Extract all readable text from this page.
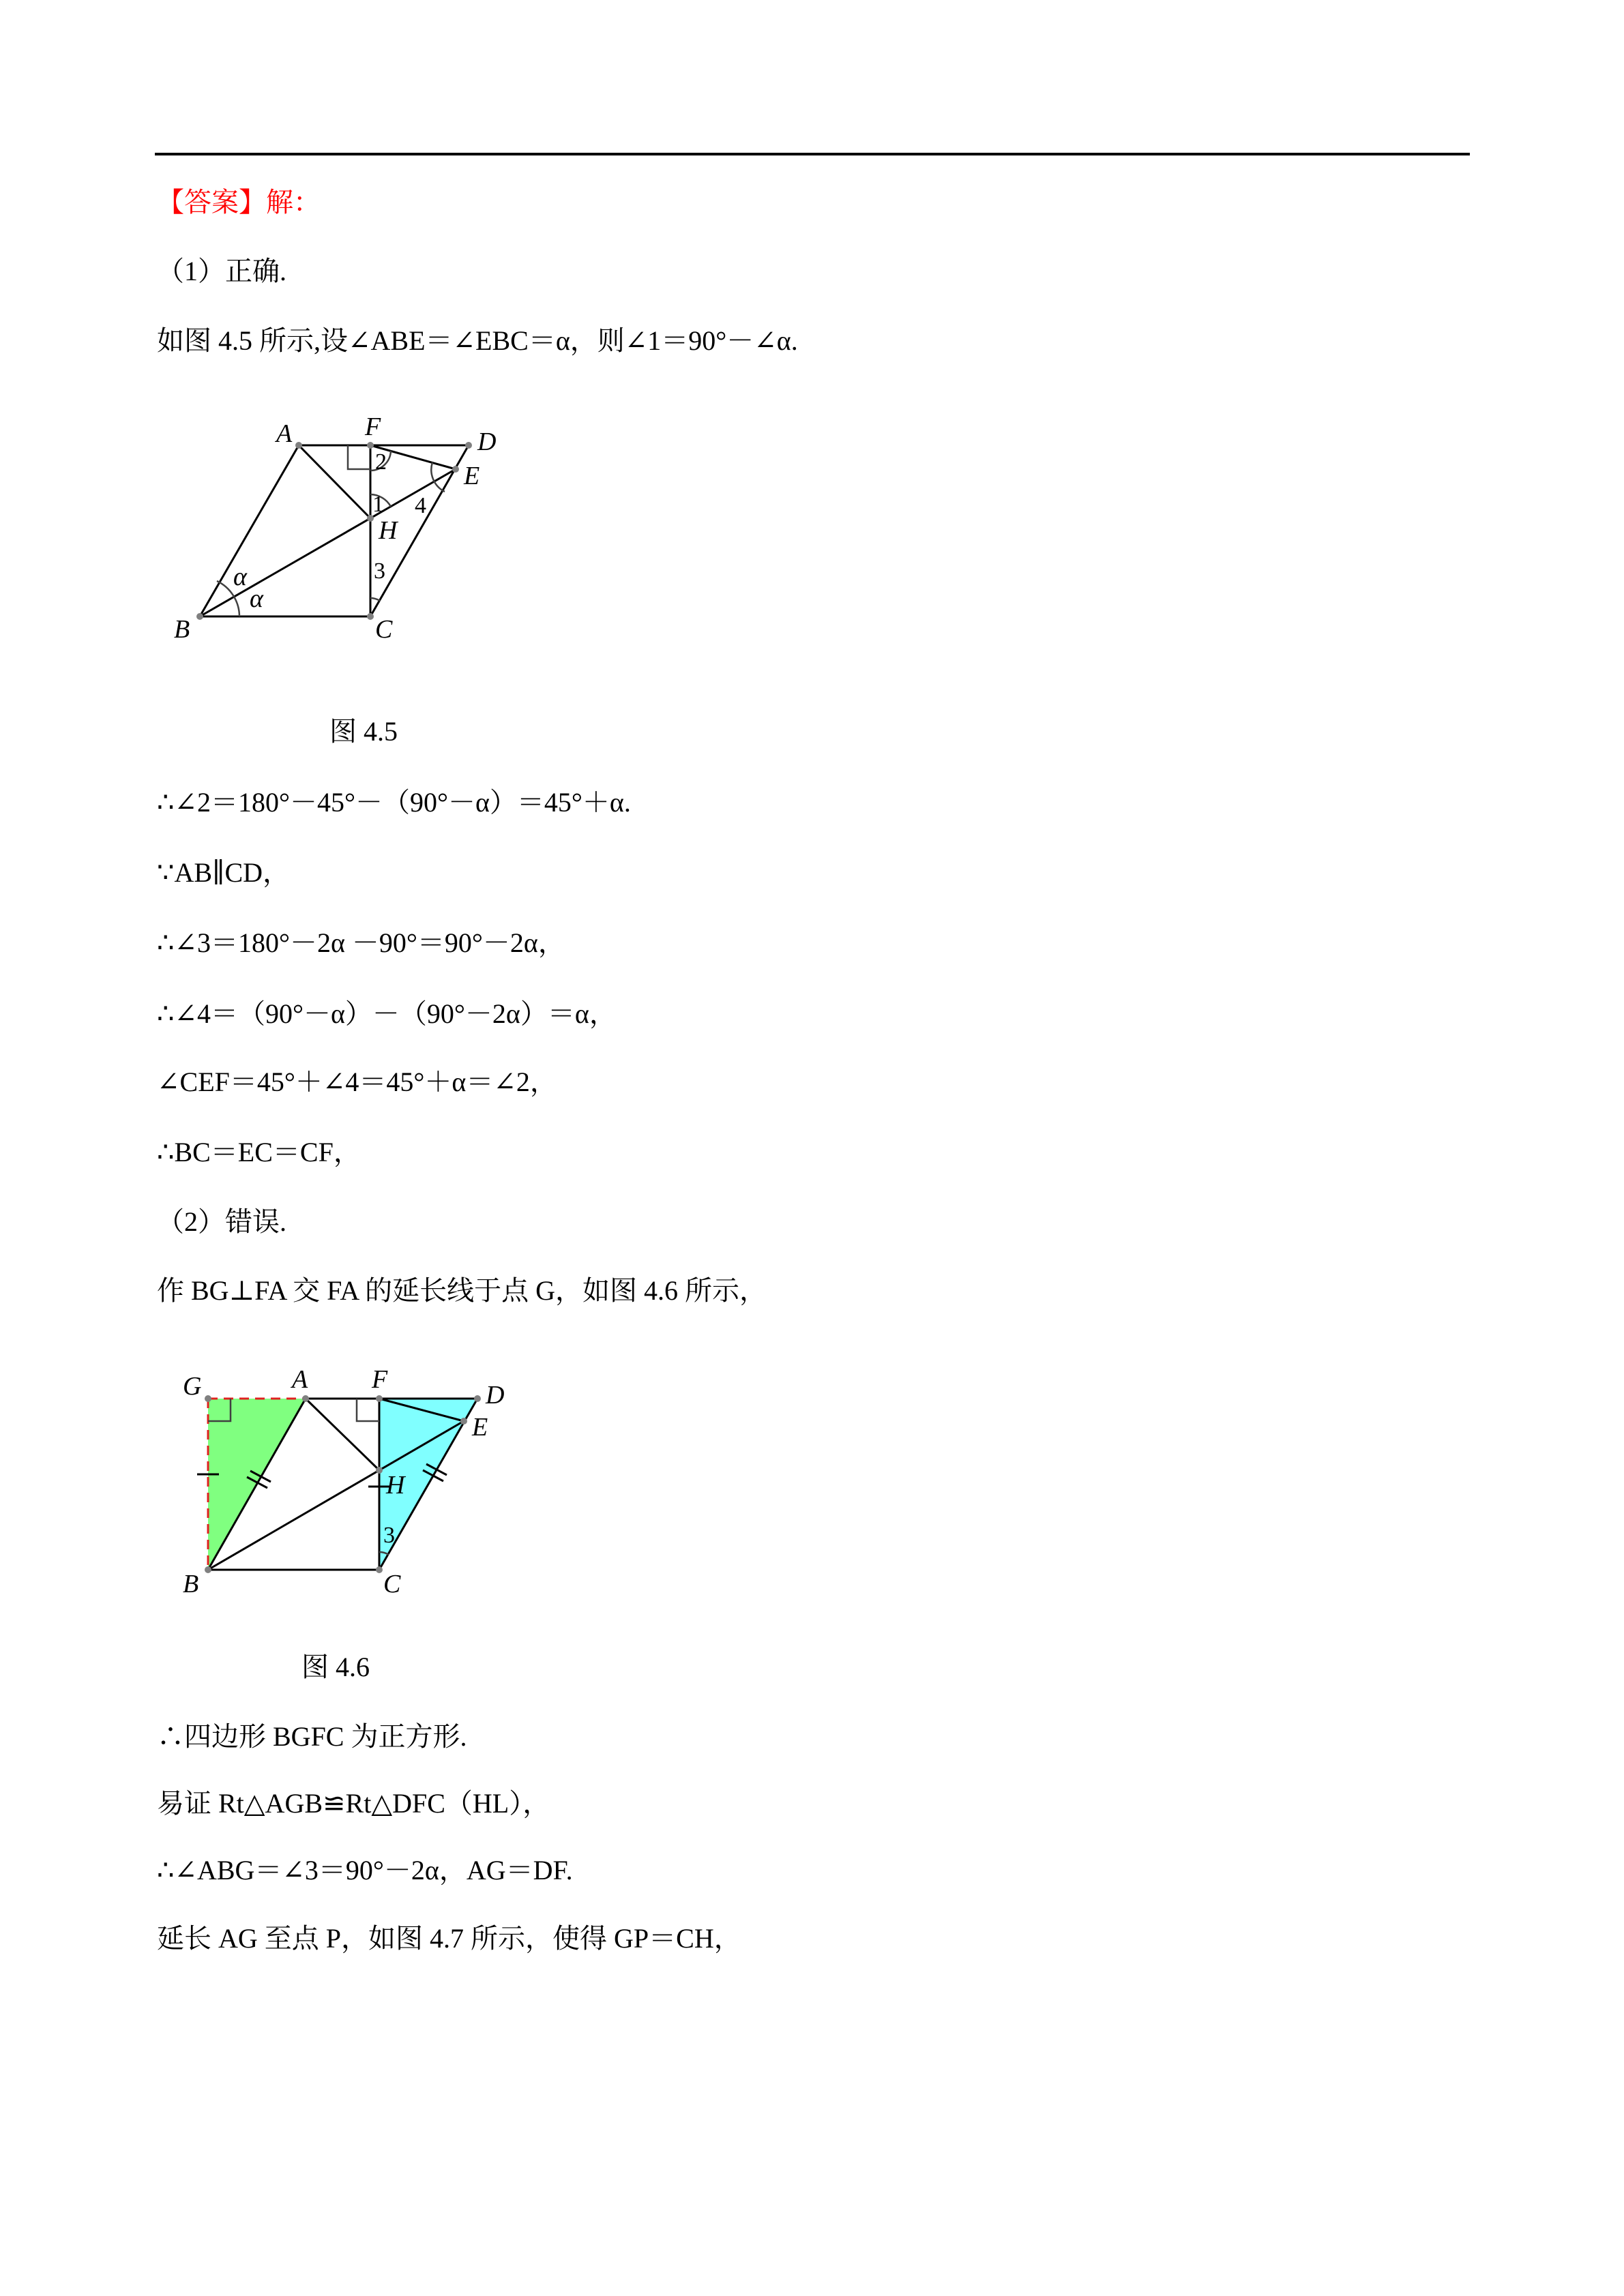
【答案】解：
（1）正确.
如图 4.5 所示,设∠ABE＝∠EBC＝α，则∠1＝90°－∠α.
A	F
D
E
H
B	C
α
α
2
1 4
3
图 4.5
∴∠2＝180°－45°－（90°－α）＝45°＋α.
∵AB∥CD，
∴∠3＝180°－2α －90°＝90°－2α，
∴∠4＝（90°－α）－（90°－2α）＝α，
∠CEF＝45°＋∠4＝45°＋α＝∠2，
∴BC＝EC＝CF，
（2）错误.
作 BG⊥FA 交 FA 的延长线于点 G，如图 4.6 所示，
G	A F
D
E
H
B	C
3
图 4.6
∴四边形 BGFC 为正方形.
易证 Rt△AGB≌Rt△DFC（HL），
∴∠ABG＝∠3＝90°－2α，AG＝DF.
延长 AG 至点 P，如图 4.7 所示，使得 GP＝CH，
